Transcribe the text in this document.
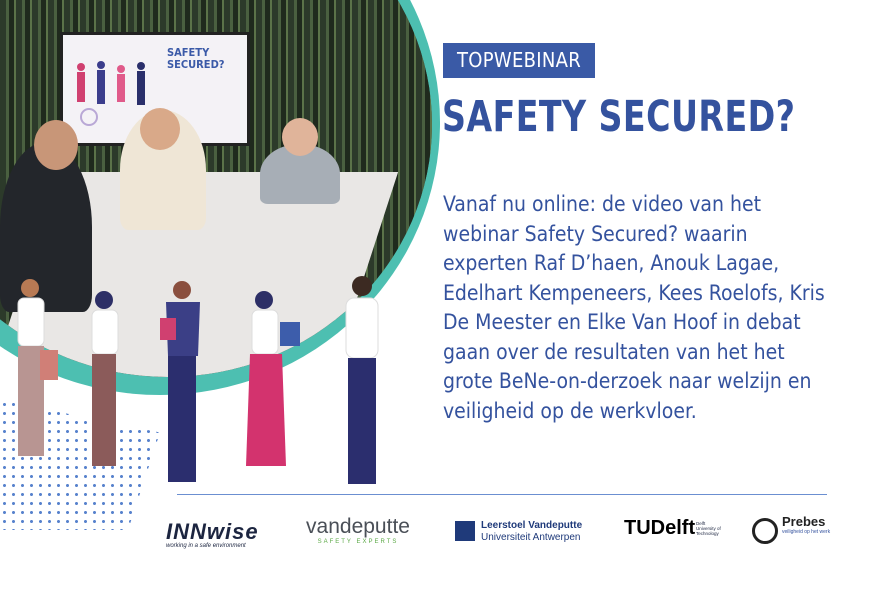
SAFETY
SECURED?	TOPWEBINAR
SAFETY SECURED?
Vanaf nu online: de video van het webinar Safety Secured? waarin experten Raf D’haen, Anouk Lagae, Edelhart Kempeneers, Kees Roelofs, Kris De Meester en Elke Van Hoof in debat gaan over de resultaten van het het grote BeNe-on-derzoek naar welzijn en veiligheid op de werkvloer.
INNwise
working in a safe environment
vandeputte
SAFETY EXPERTS
Leerstoel Vandeputte
Universiteit Antwerpen	TUDelft Delft University of Technology
Prebes
veiligheid op het werk
